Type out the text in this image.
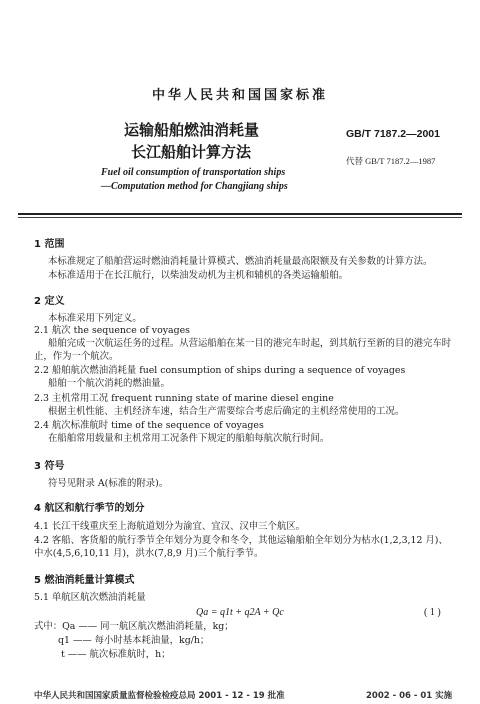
中华人民共和国国家标准
运输船舶燃油消耗量
长江船舶计算方法
Fuel oil consumption of transportation ships
—Computation method for Changjiang ships
GB/T 7187.2—2001
代替 GB/T 7187.2—1987
1 范围
本标准规定了船舶营运时燃油消耗量计算模式、燃油消耗量最高限额及有关参数的计算方法。
本标准适用于在长江航行，以柴油发动机为主机和辅机的各类运输船舶。
2 定义
本标准采用下列定义。
2.1 航次 the sequence of voyages
船舶完成一次航运任务的过程。从营运船舶在某一目的港完车时起，到其航行至新的目的港完车时
止，作为一个航次。
2.2 船舶航次燃油消耗量 fuel consumption of ships during a sequence of voyages
船舶一个航次消耗的燃油量。
2.3 主机常用工况 frequent running state of marine diesel engine
根据主机性能、主机经济车速，结合生产需要综合考虑后确定的主机经常使用的工况。
2.4 航次标准航时 time of the sequence of voyages
在船舶常用载量和主机常用工况条件下规定的船舶每航次航行时间。
3 符号
符号见附录 A(标准的附录)。
4 航区和航行季节的划分
4.1 长江干线重庆至上海航道划分为渝宜、宜汉、汉申三个航区。
4.2 客船、客货船的航行季节全年划分为夏令和冬令，其他运输船舶全年划分为枯水(1,2,3,12 月)、
中水(4,5,6,10,11 月)，洪水(7,8,9 月)三个航行季节。
5 燃油消耗量计算模式
5.1 单航区航次燃油消耗量
Qa = q1t + q2A + Qc	( 1 )
式中：Qa —— 同一航区航次燃油消耗量，kg；
q1 —— 每小时基本耗油量，kg/h；
t —— 航次标准航时，h；
中华人民共和国国家质量监督检验检疫总局 2001 - 12 - 19 批准	2002 - 06 - 01 实施
